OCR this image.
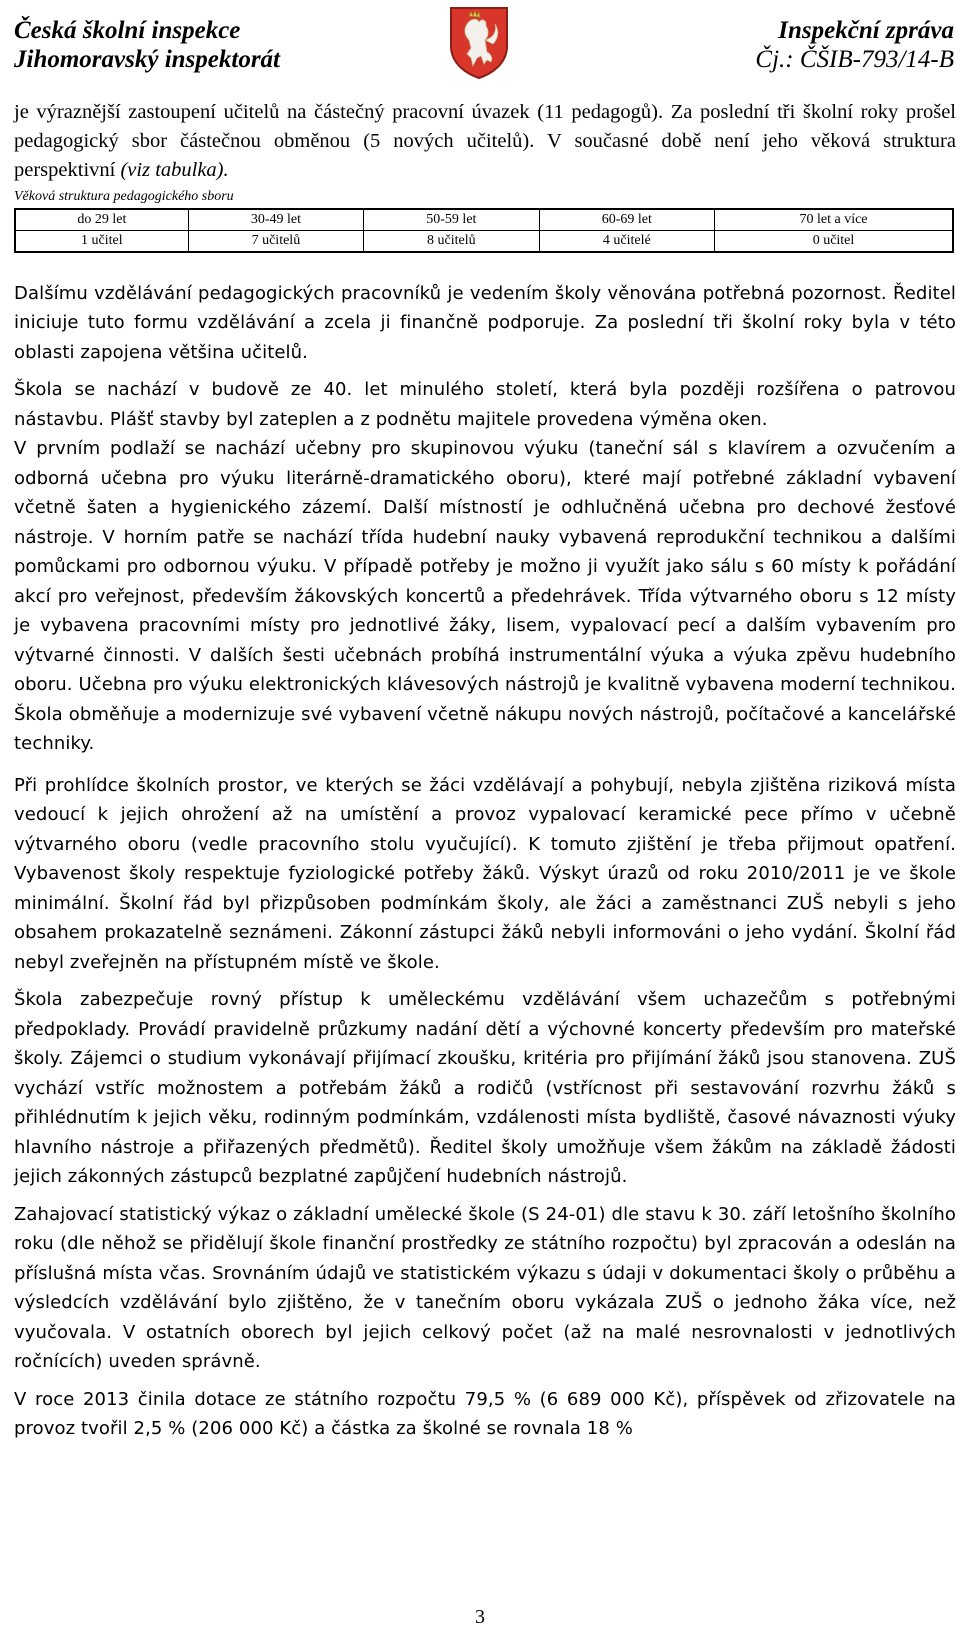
Česká školní inspekce
Jihomoravský inspektorát
Inspekční zpráva
Čj.: ČŠIB-793/14-B

je výraznější zastoupení učitelů na částečný pracovní úvazek (11 pedagogů). Za poslední tři školní roky prošel pedagogický sbor částečnou obměnou (5 nových učitelů). V současné době není jeho věková struktura perspektivní (viz tabulka).

Věková struktura pedagogického sboru
do 29 let	30-49 let	50-59 let	60-69 let	70 let a více
1 učitel	7 učitelů	8 učitelů	4 učitelé	0 učitel

Dalšímu vzdělávání pedagogických pracovníků je vedením školy věnována potřebná pozornost. Ředitel iniciuje tuto formu vzdělávání a zcela ji finančně podporuje. Za poslední tři školní roky byla v této oblasti zapojena většina učitelů.

Škola se nachází v budově ze 40. let minulého století, která byla později rozšířena o patrovou nástavbu. Plášť stavby byl zateplen a z podnětu majitele provedena výměna oken.

V prvním podlaží se nachází učebny pro skupinovou výuku (taneční sál s klavírem a ozvučením a odborná učebna pro výuku literárně-dramatického oboru), které mají potřebné základní vybavení včetně šaten a hygienického zázemí. Další místností je odhlučněná učebna pro dechové žesťové nástroje. V horním patře se nachází třída hudební nauky vybavená reprodukční technikou a dalšími pomůckami pro odbornou výuku. V případě potřeby je možno ji využít jako sálu s 60 místy k pořádání akcí pro veřejnost, především žákovských koncertů a předehrávek. Třída výtvarného oboru s 12 místy je vybavena pracovními místy pro jednotlivé žáky, lisem, vypalovací pecí a dalším vybavením pro výtvarné činnosti. V dalších šesti učebnách probíhá instrumentální výuka a výuka zpěvu hudebního oboru. Učebna pro výuku elektronických klávesových nástrojů je kvalitně vybavena moderní technikou. Škola obměňuje a modernizuje své vybavení včetně nákupu nových nástrojů, počítačové a kancelářské techniky.

Při prohlídce školních prostor, ve kterých se žáci vzdělávají a pohybují, nebyla zjištěna riziková místa vedoucí k jejich ohrožení až na umístění a provoz vypalovací keramické pece přímo v učebně výtvarného oboru (vedle pracovního stolu vyučující). K tomuto zjištění je třeba přijmout opatření. Vybavenost školy respektuje fyziologické potřeby žáků. Výskyt úrazů od roku 2010/2011 je ve škole minimální. Školní řád byl přizpůsoben podmínkám školy, ale žáci a zaměstnanci ZUŠ nebyli s jeho obsahem prokazatelně seznámeni. Zákonní zástupci žáků nebyli informováni o jeho vydání. Školní řád nebyl zveřejněn na přístupném místě ve škole.

Škola zabezpečuje rovný přístup k uměleckému vzdělávání všem uchazečům s potřebnými předpoklady. Provádí pravidelně průzkumy nadání dětí a výchovné koncerty především pro mateřské školy. Zájemci o studium vykonávají přijímací zkoušku, kritéria pro přijímání žáků jsou stanovena. ZUŠ vychází vstříc možnostem a potřebám žáků a rodičů (vstřícnost při sestavování rozvrhu žáků s přihlédnutím k jejich věku, rodinným podmínkám, vzdálenosti místa bydliště, časové návaznosti výuky hlavního nástroje a přiřazených předmětů). Ředitel školy umožňuje všem žákům na základě žádosti jejich zákonných zástupců bezplatné zapůjčení hudebních nástrojů.

Zahajovací statistický výkaz o základní umělecké škole (S 24-01) dle stavu k 30. září letošního školního roku (dle něhož se přidělují škole finanční prostředky ze státního rozpočtu) byl zpracován a odeslán na příslušná místa včas. Srovnáním údajů ve statistickém výkazu s údaji v dokumentaci školy o průběhu a výsledcích vzdělávání bylo zjištěno, že v tanečním oboru vykázala ZUŠ o jednoho žáka více, než vyučovala. V ostatních oborech byl jejich celkový počet (až na malé nesrovnalosti v jednotlivých ročnících) uveden správně.

V roce 2013 činila dotace ze státního rozpočtu 79,5 % (6 689 000 Kč), příspěvek od zřizovatele na provoz tvořil 2,5 % (206 000 Kč) a částka za školné se rovnala 18 %

3
